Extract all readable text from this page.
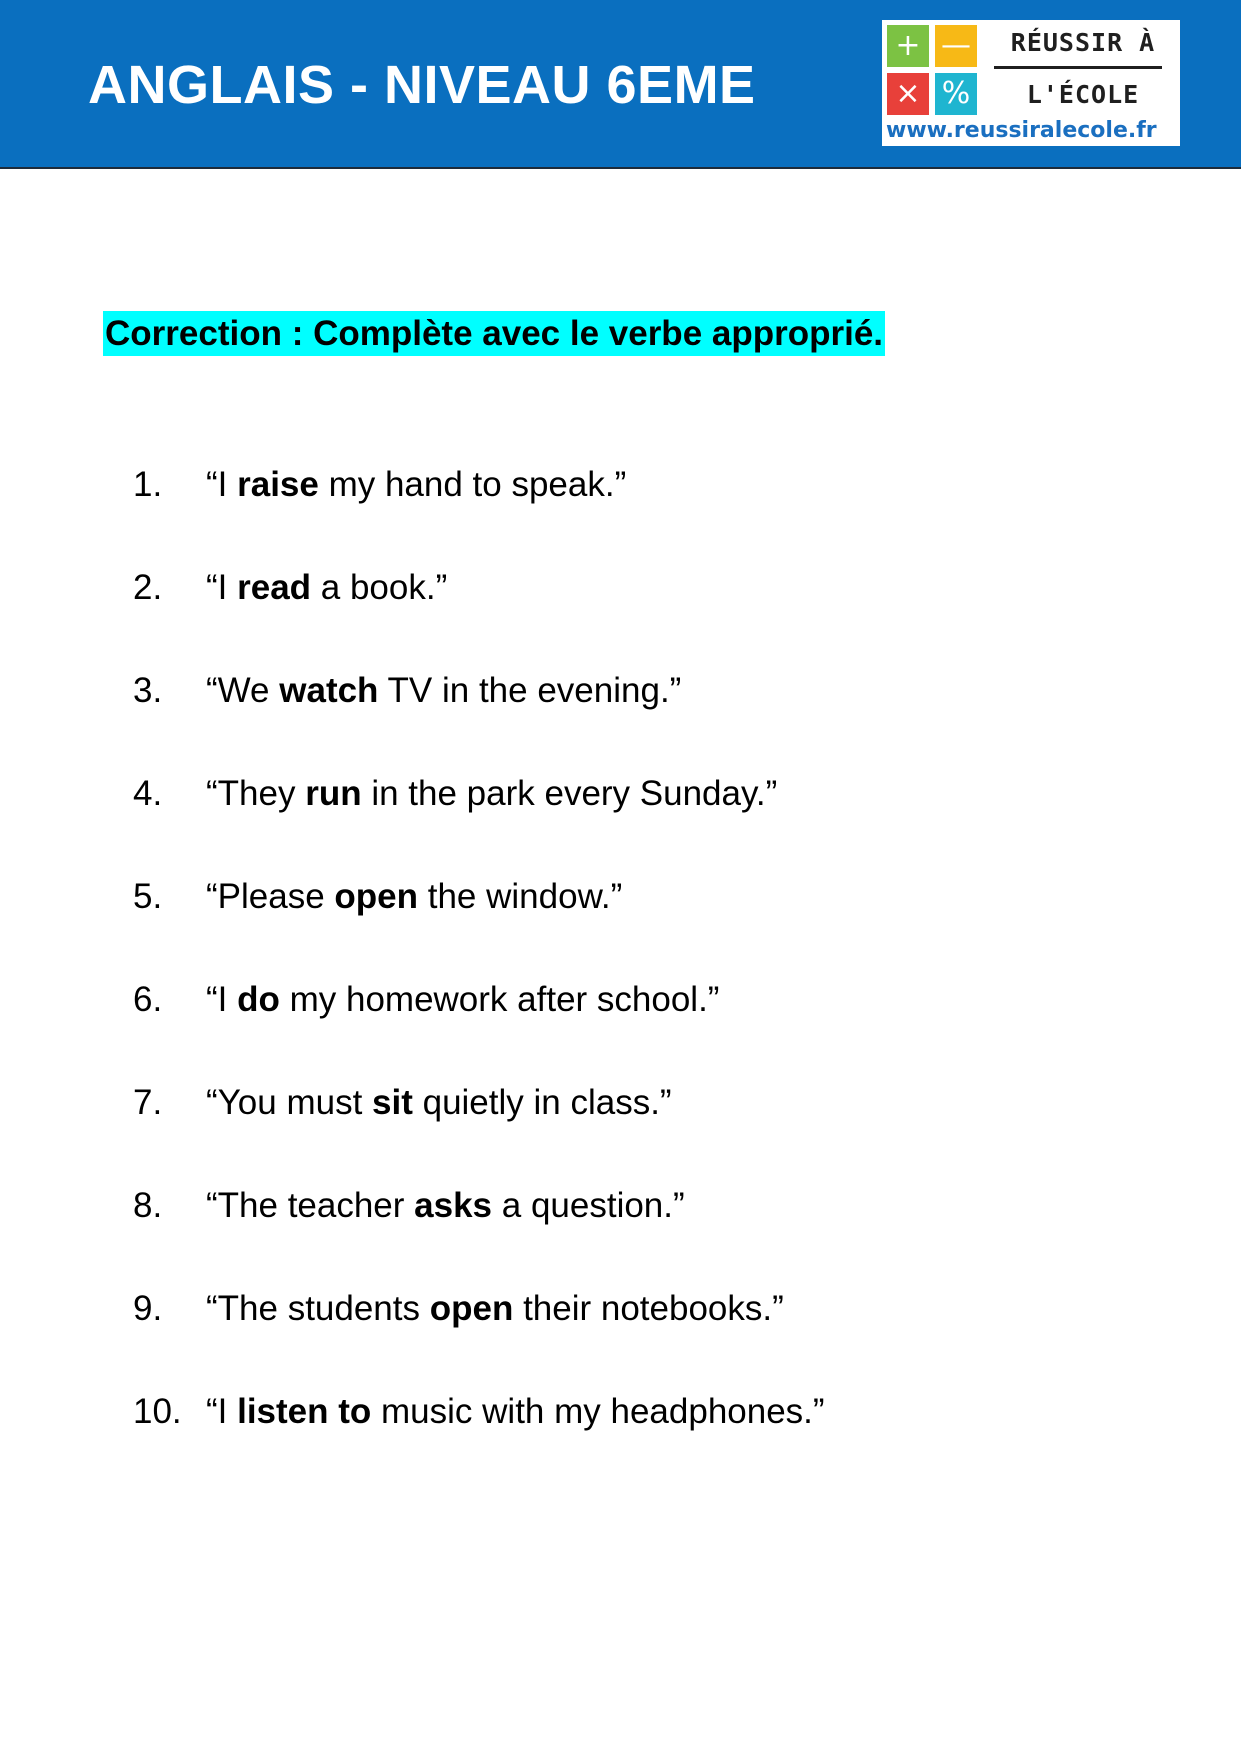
ANGLAIS - NIVEAU 6EME
+ —
× %
RÉUSSIR À
L'ÉCOLE
www.reussiralecole.fr
Correction : Complète avec le verbe approprié.
1. “I raise my hand to speak.”
2. “I read a book.”
3. “We watch TV in the evening.”
4. “They run in the park every Sunday.”
5. “Please open the window.”
6. “I do my homework after school.”
7. “You must sit quietly in class.”
8. “The teacher asks a question.”
9. “The students open their notebooks.”
10. “I listen to music with my headphones.”
